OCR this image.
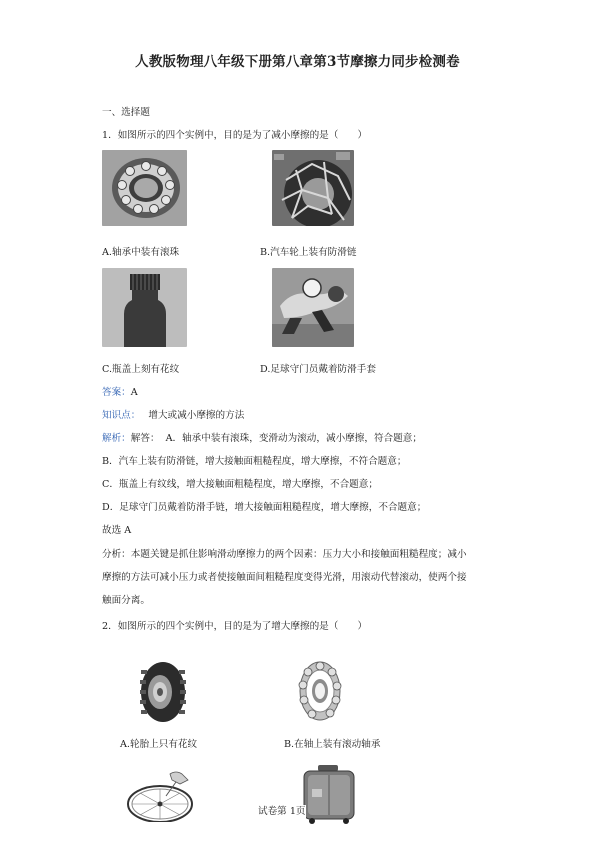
人教版物理八年级下册第八章第3节摩擦力同步检测卷
一、选择题
1．如图所示的四个实例中，目的是为了减小摩擦的是（　　）
A.轴承中装有滚珠	B.汽车轮上装有防滑链
C.瓶盖上刻有花纹	D.足球守门员戴着防滑手套
答案：A
知识点： 增大或减小摩擦的方法
解析：解答： A．轴承中装有滚珠，变滑动为滚动，减小摩擦，符合题意；
B．汽车上装有防滑链，增大接触面粗糙程度，增大摩擦，不符合题意；
C．瓶盖上有纹线，增大接触面粗糙程度，增大摩擦，不合题意；
D．足球守门员戴着防滑手链，增大接触面粗糙程度，增大摩擦，不合题意；
故选 A
分析：本题关键是抓住影响滑动摩擦力的两个因素：压力大小和接触面粗糙程度；减小
摩擦的方法可减小压力或者使接触面间粗糙程度变得光滑，用滚动代替滚动，使两个接
触面分离。
2．如图所示的四个实例中，目的是为了增大摩擦的是（　　）
A.轮胎上只有花纹	B.在轴上装有滚动轴承
试卷第 1页
